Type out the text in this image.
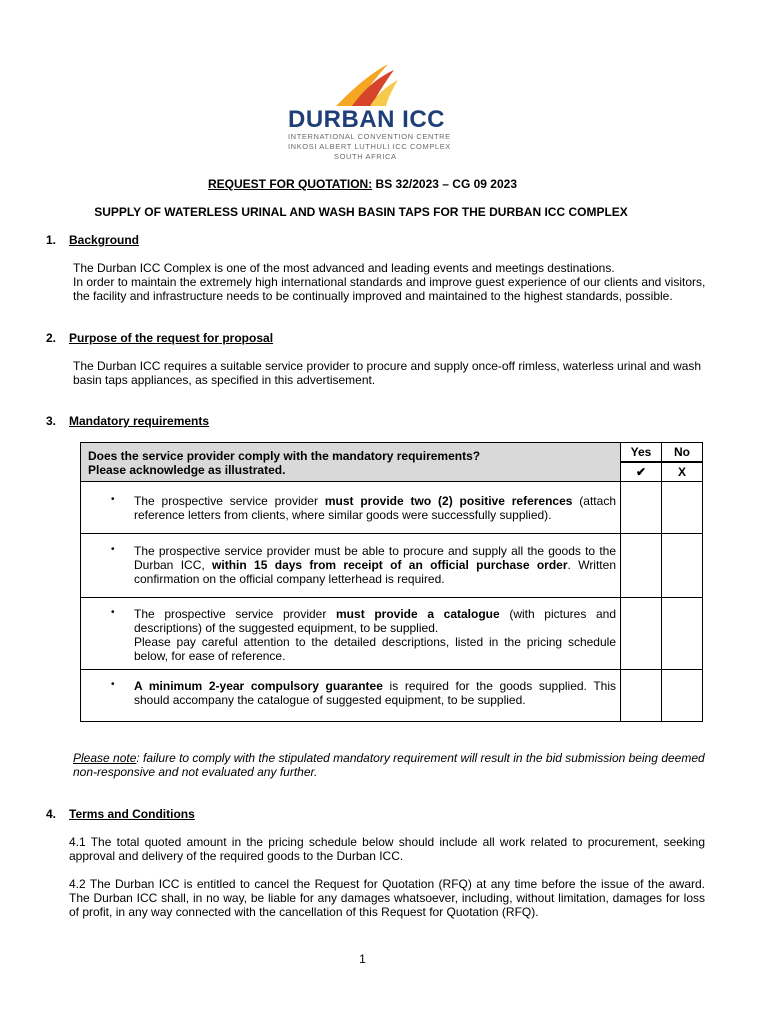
DURBAN ICC
INTERNATIONAL CONVENTION CENTRE
INKOSI ALBERT LUTHULI ICC COMPLEX
SOUTH AFRICA
REQUEST FOR QUOTATION: BS 32/2023 – CG 09 2023
SUPPLY OF WATERLESS URINAL AND WASH BASIN TAPS FOR THE DURBAN ICC COMPLEX
1. Background
The Durban ICC Complex is one of the most advanced and leading events and meetings destinations.
In order to maintain the extremely high international standards and improve guest experience of our clients and visitors, the facility and infrastructure needs to be continually improved and maintained to the highest standards, possible.
2. Purpose of the request for proposal
The Durban ICC requires a suitable service provider to procure and supply once-off rimless, waterless urinal and wash basin taps appliances, as specified in this advertisement.
3. Mandatory requirements
Does the service provider comply with the mandatory requirements?
Please acknowledge as illustrated.
Yes	No
✔	X
• The prospective service provider must provide two (2) positive references (attach reference letters from clients, where similar goods were successfully supplied).
• The prospective service provider must be able to procure and supply all the goods to the Durban ICC, within 15 days from receipt of an official purchase order. Written confirmation on the official company letterhead is required.
• The prospective service provider must provide a catalogue (with pictures and descriptions) of the suggested equipment, to be supplied.
Please pay careful attention to the detailed descriptions, listed in the pricing schedule below, for ease of reference.
• A minimum 2-year compulsory guarantee is required for the goods supplied. This should accompany the catalogue of suggested equipment, to be supplied.
Please note: failure to comply with the stipulated mandatory requirement will result in the bid submission being deemed non-responsive and not evaluated any further.
4. Terms and Conditions
4.1 The total quoted amount in the pricing schedule below should include all work related to procurement, seeking approval and delivery of the required goods to the Durban ICC.
4.2 The Durban ICC is entitled to cancel the Request for Quotation (RFQ) at any time before the issue of the award. The Durban ICC shall, in no way, be liable for any damages whatsoever, including, without limitation, damages for loss of profit, in any way connected with the cancellation of this Request for Quotation (RFQ).
1
